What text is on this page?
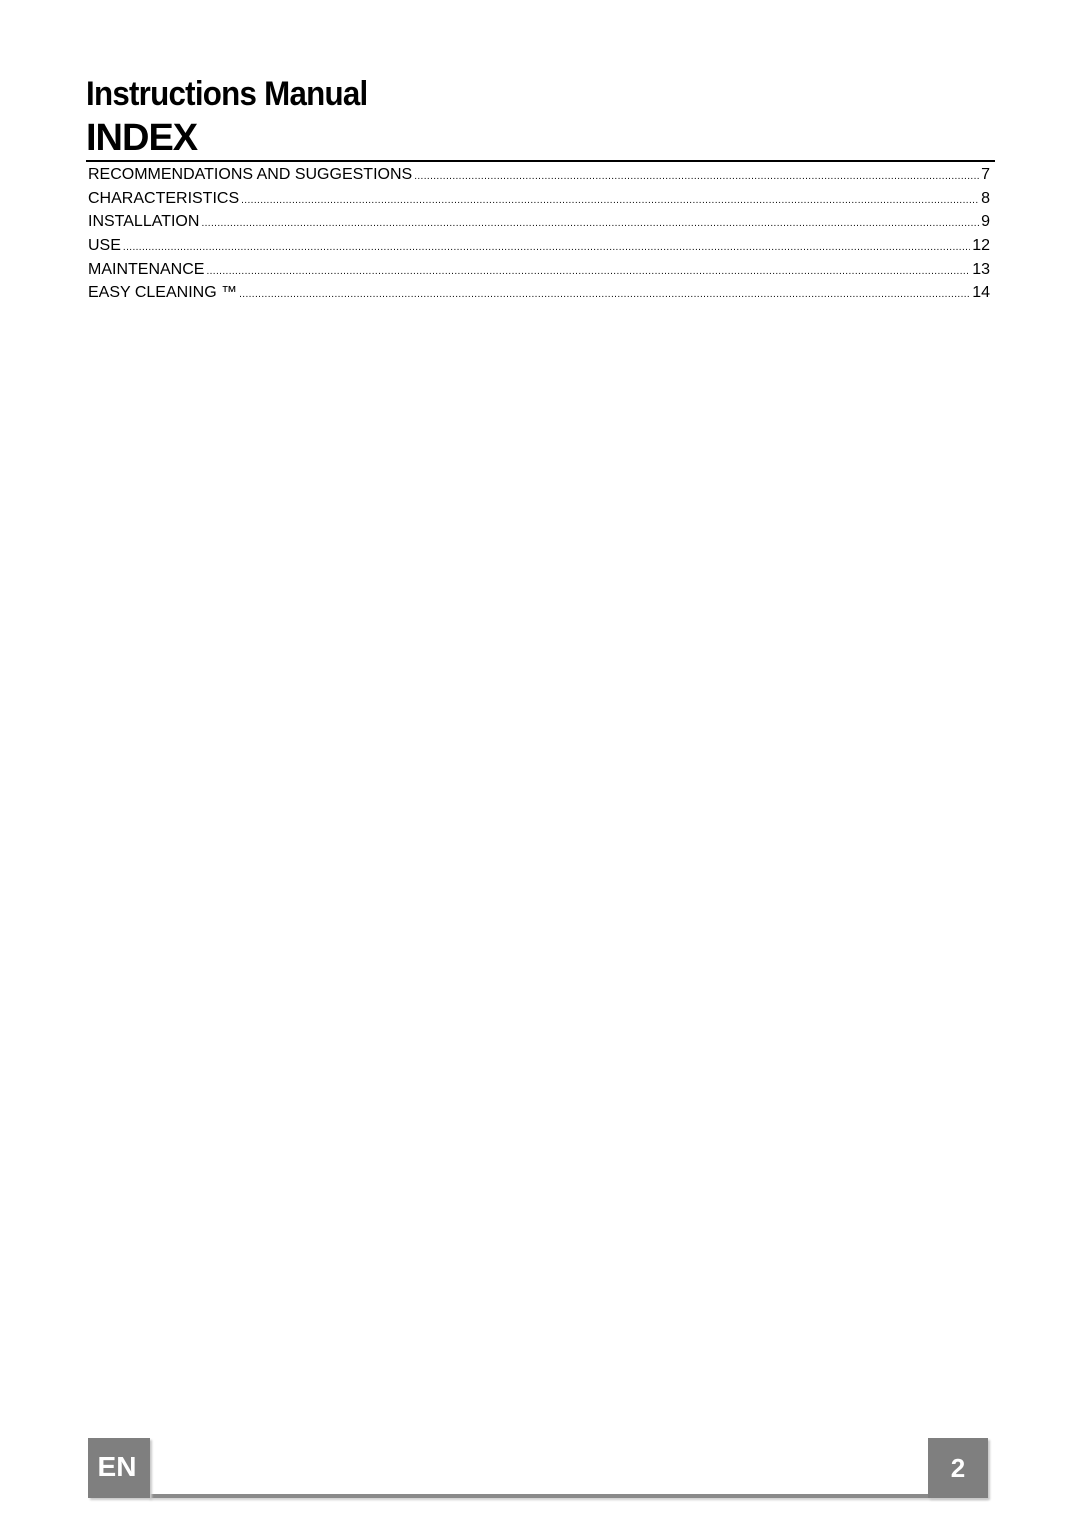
Instructions Manual
INDEX
RECOMMENDATIONS AND SUGGESTIONS .....	7
CHARACTERISTICS .....	8
INSTALLATION .....	9
USE .....	12
MAINTENANCE .....	13
EASY CLEANING ™ .....	14
EN	2
